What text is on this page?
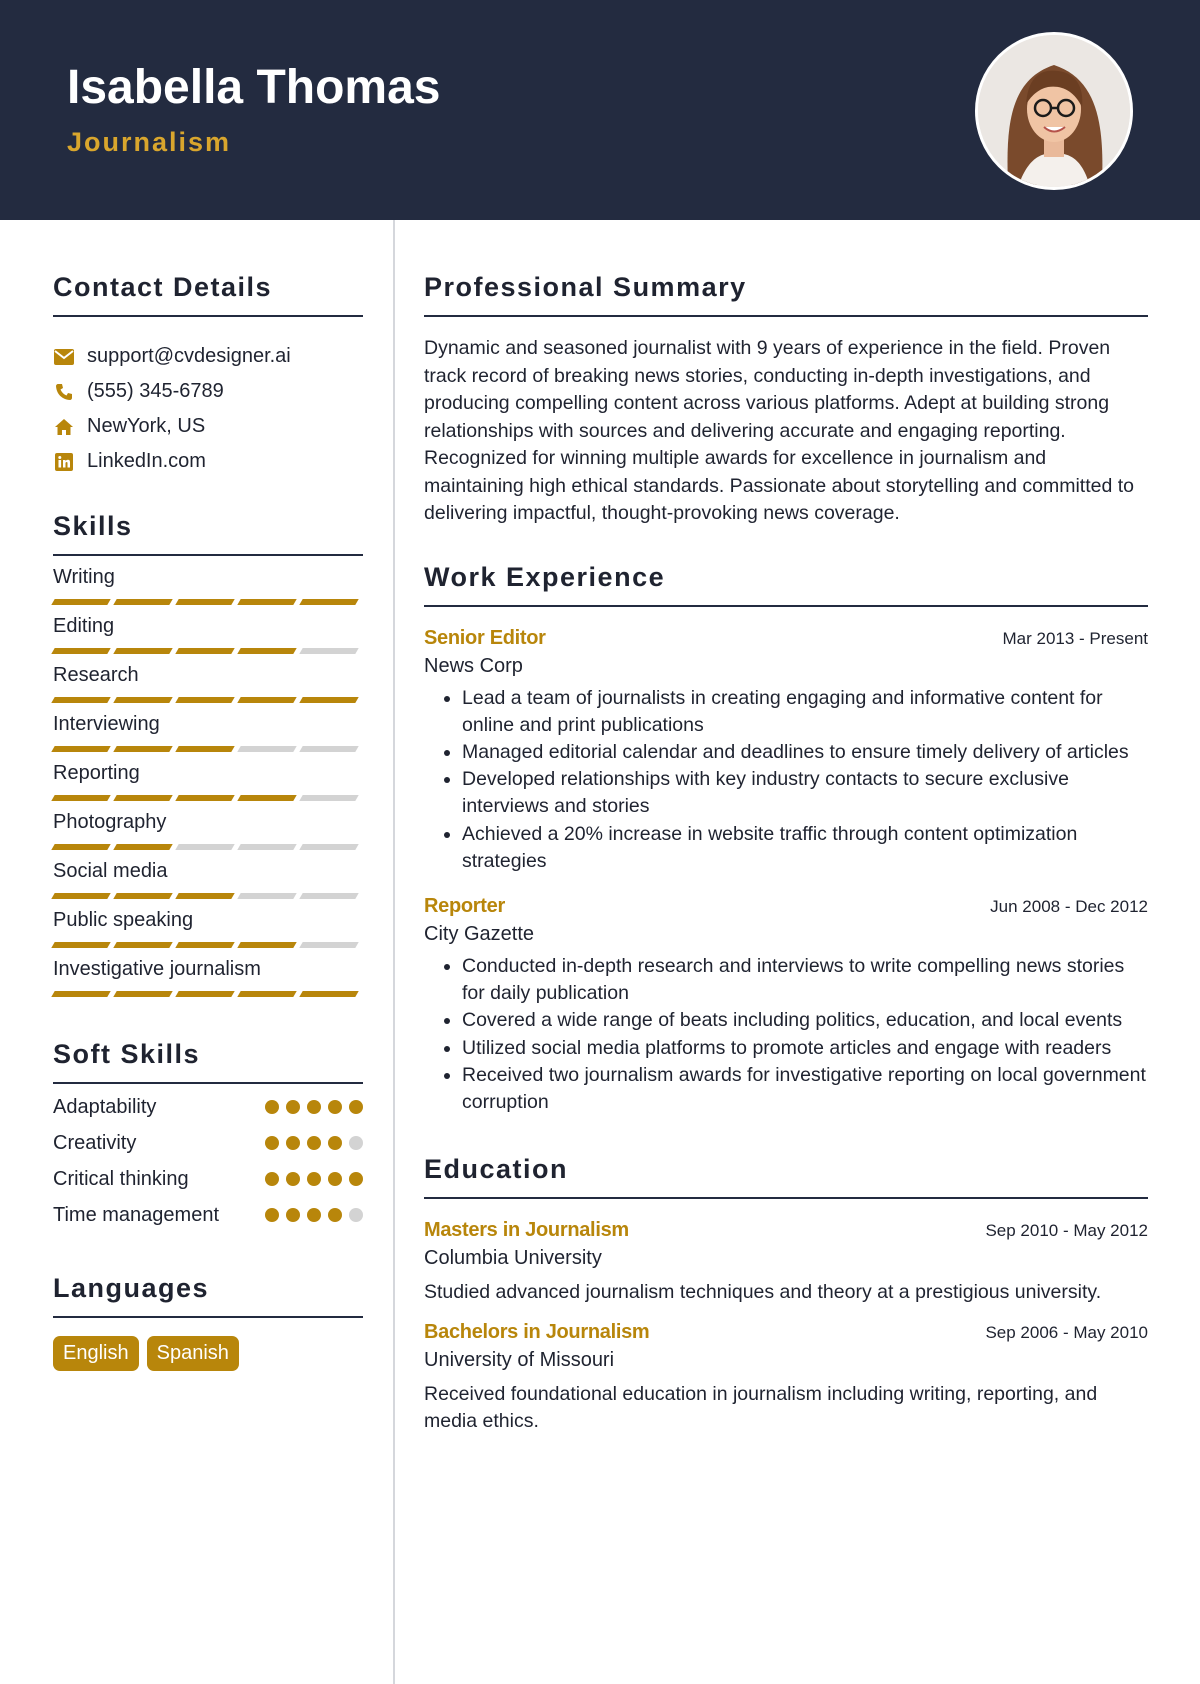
Isabella Thomas
Journalism
Contact Details
support@cvdesigner.ai
(555) 345-6789
NewYork, US
LinkedIn.com
Skills
Writing
Editing
Research
Interviewing
Reporting
Photography
Social media
Public speaking
Investigative journalism
Soft Skills
Adaptability
Creativity
Critical thinking
Time management
Languages
English	Spanish
Professional Summary

Dynamic and seasoned journalist with 9 years of experience in the field. Proven track record of breaking news stories, conducting in-depth investigations, and producing compelling content across various platforms. Adept at building strong relationships with sources and delivering accurate and engaging reporting. Recognized for winning multiple awards for excellence in journalism and maintaining high ethical standards. Passionate about storytelling and committed to delivering impactful, thought-provoking news coverage.

Work Experience
Senior Editor	Mar 2013 - Present
News Corp
• Lead a team of journalists in creating engaging and informative content for online and print publications
• Managed editorial calendar and deadlines to ensure timely delivery of articles
• Developed relationships with key industry contacts to secure exclusive interviews and stories
• Achieved a 20% increase in website traffic through content optimization strategies
Reporter	Jun 2008 - Dec 2012
City Gazette
• Conducted in-depth research and interviews to write compelling news stories for daily publication
• Covered a wide range of beats including politics, education, and local events
• Utilized social media platforms to promote articles and engage with readers
• Received two journalism awards for investigative reporting on local government corruption
Education
Masters in Journalism	Sep 2010 - May 2012
Columbia University

Studied advanced journalism techniques and theory at a prestigious university.

Bachelors in Journalism	Sep 2006 - May 2010
University of Missouri

Received foundational education in journalism including writing, reporting, and media ethics.
